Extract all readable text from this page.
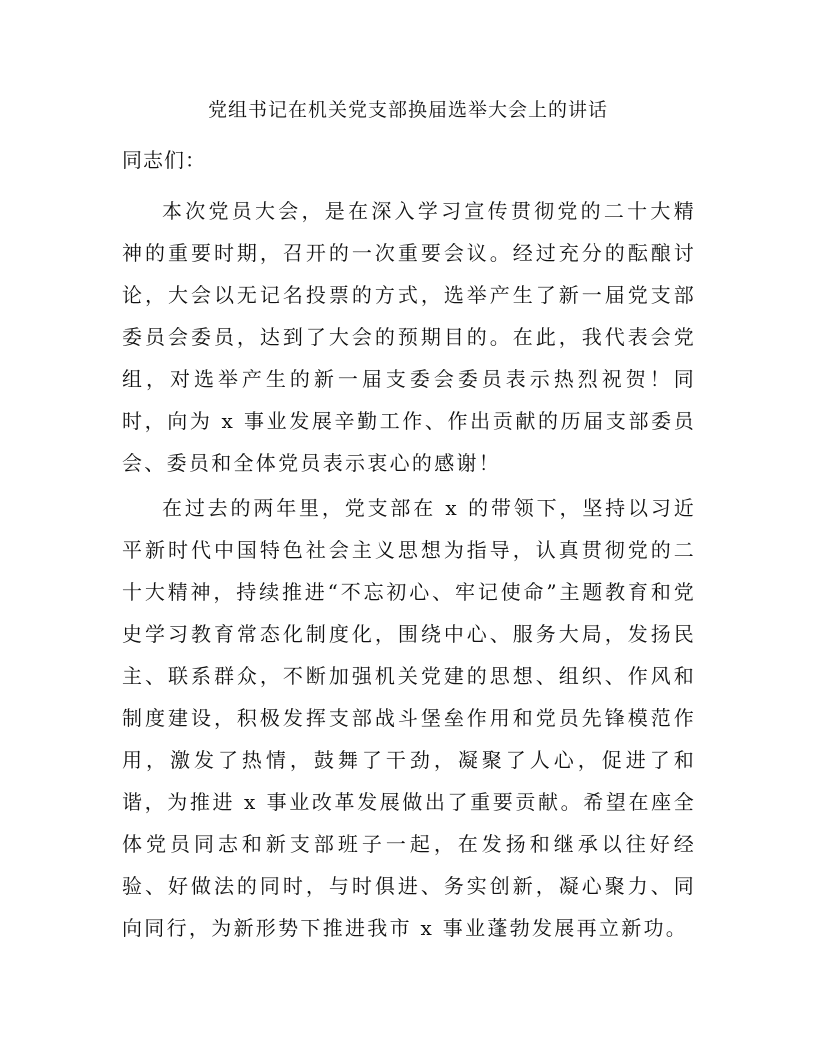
党组书记在机关党支部换届选举大会上的讲话
同志们：

本次党员大会，是在深入学习宣传贯彻党的二十大精神的重要时期，召开的一次重要会议。经过充分的酝酿讨论，大会以无记名投票的方式，选举产生了新一届党支部委员会委员，达到了大会的预期目的。在此，我代表会党组，对选举产生的新一届支委会委员表示热烈祝贺！同时，向为 x 事业发展辛勤工作、作出贡献的历届支部委员会、委员和全体党员表示衷心的感谢！

在过去的两年里，党支部在 x 的带领下，坚持以习近平新时代中国特色社会主义思想为指导，认真贯彻党的二十大精神，持续推进“不忘初心、牢记使命”主题教育和党史学习教育常态化制度化，围绕中心、服务大局，发扬民主、联系群众，不断加强机关党建的思想、组织、作风和制度建设，积极发挥支部战斗堡垒作用和党员先锋模范作用，激发了热情，鼓舞了干劲，凝聚了人心，促进了和谐，为推进 x 事业改革发展做出了重要贡献。希望在座全体党员同志和新支部班子一起，在发扬和继承以往好经验、好做法的同时，与时俱进、务实创新，凝心聚力、同向同行，为新形势下推进我市 x 事业蓬勃发展再立新功。
